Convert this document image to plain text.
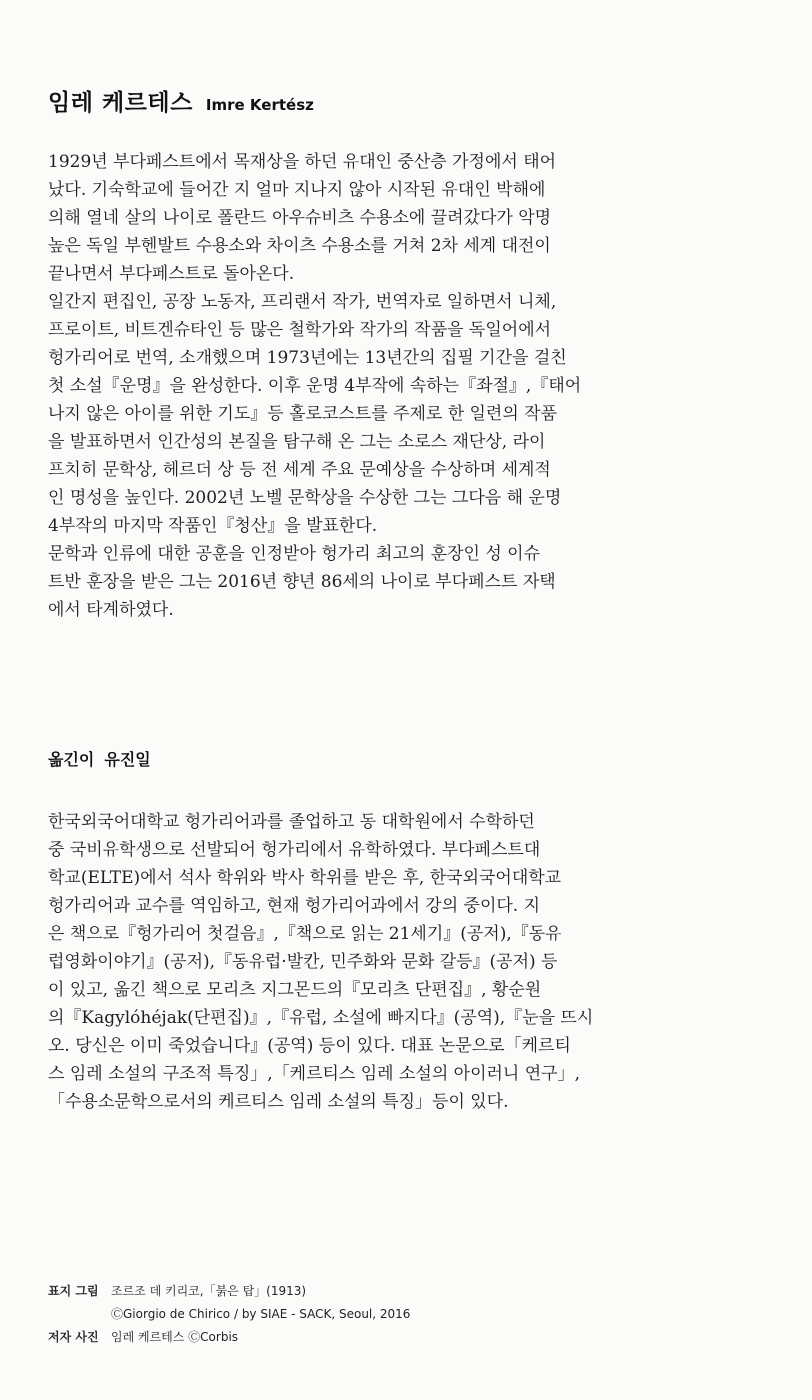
임레 케르테스 Imre Kertész
1929년 부다페스트에서 목재상을 하던 유대인 중산층 가정에서 태어
났다. 기숙학교에 들어간 지 얼마 지나지 않아 시작된 유대인 박해에
의해 열네 살의 나이로 폴란드 아우슈비츠 수용소에 끌려갔다가 악명
높은 독일 부헨발트 수용소와 차이츠 수용소를 거쳐 2차 세계 대전이
끝나면서 부다페스트로 돌아온다.
일간지 편집인, 공장 노동자, 프리랜서 작가, 번역자로 일하면서 니체,
프로이트, 비트겐슈타인 등 많은 철학가와 작가의 작품을 독일어에서
헝가리어로 번역, 소개했으며 1973년에는 13년간의 집필 기간을 걸친
첫 소설『운명』을 완성한다. 이후 운명 4부작에 속하는『좌절』,『태어
나지 않은 아이를 위한 기도』등 홀로코스트를 주제로 한 일련의 작품
을 발표하면서 인간성의 본질을 탐구해 온 그는 소로스 재단상, 라이
프치히 문학상, 헤르더 상 등 전 세계 주요 문예상을 수상하며 세계적
인 명성을 높인다. 2002년 노벨 문학상을 수상한 그는 그다음 해 운명
4부작의 마지막 작품인『청산』을 발표한다.
문학과 인류에 대한 공훈을 인정받아 헝가리 최고의 훈장인 성 이슈
트반 훈장을 받은 그는 2016년 향년 86세의 나이로 부다페스트 자택
에서 타계하였다.
옮긴이 유진일
한국외국어대학교 헝가리어과를 졸업하고 동 대학원에서 수학하던
중 국비유학생으로 선발되어 헝가리에서 유학하였다. 부다페스트대
학교(ELTE)에서 석사 학위와 박사 학위를 받은 후, 한국외국어대학교
헝가리어과 교수를 역임하고, 현재 헝가리어과에서 강의 중이다. 지
은 책으로『헝가리어 첫걸음』,『책으로 읽는 21세기』(공저),『동유
럽영화이야기』(공저),『동유럽·발칸, 민주화와 문화 갈등』(공저) 등
이 있고, 옮긴 책으로 모리츠 지그몬드의『모리츠 단편집』, 황순원
의『Kagylóhéjak(단편집)』,『유럽, 소설에 빠지다』(공역),『눈을 뜨시
오. 당신은 이미 죽었습니다』(공역) 등이 있다. 대표 논문으로「케르티
스 임레 소설의 구조적 특징」,「케르티스 임레 소설의 아이러니 연구」,
「수용소문학으로서의 케르티스 임레 소설의 특징」등이 있다.
표지 그림 조르조 데 키리코,「붉은 탑」(1913)
ⒸGiorgio de Chirico / by SIAE - SACK, Seoul, 2016
저자 사진 임레 케르테스 ⒸCorbis
